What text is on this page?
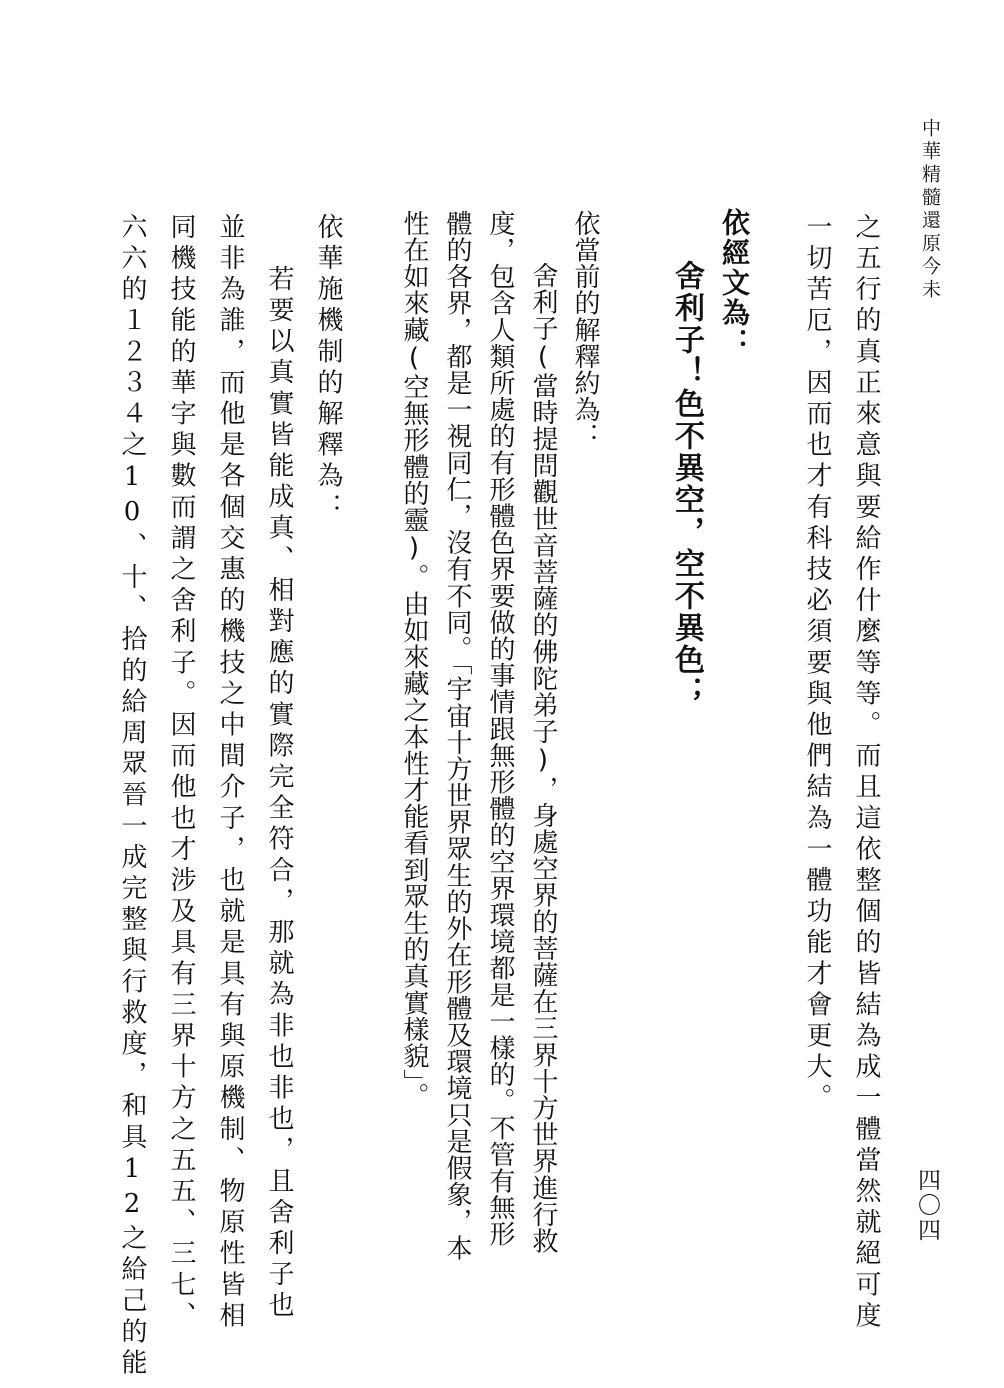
中華精髓還原今未

四〇四

之五行的真正來意與要給作什麼等等。而且這依整個的皆結為成一體當然就絕可度

一切苦厄，因而也才有科技必須要與他們結為一體功能才會更大。

依經文為：

舍利子！色不異空，空不異色；

依當前的解釋約為：

舍利子(當時提問觀世音菩薩的佛陀弟子)，身處空界的菩薩在三界十方世界進行救

度，包含人類所處的有形體色界要做的事情跟無形體的空界環境都是一樣的。不管有無形

體的各界，都是一視同仁，沒有不同。「宇宙十方世界眾生的外在形體及環境只是假象，本

性在如來藏(空無形體的靈)。由如來藏之本性才能看到眾生的真實樣貌」。

依華施機制的解釋為：

若要以真實皆能成真、相對應的實際完全符合，那就為非也非也，且舍利子也

並非為誰，而他是各個交惠的機技之中間介子，也就是具有與原機制、物原性皆相

同機技能的華字與數而謂之舍利子。因而他也才涉及具有三界十方之五五、三七、

六六的１２３４之10、十、拾的給周眾晉一成完整與行救度，和具12之給己的能
